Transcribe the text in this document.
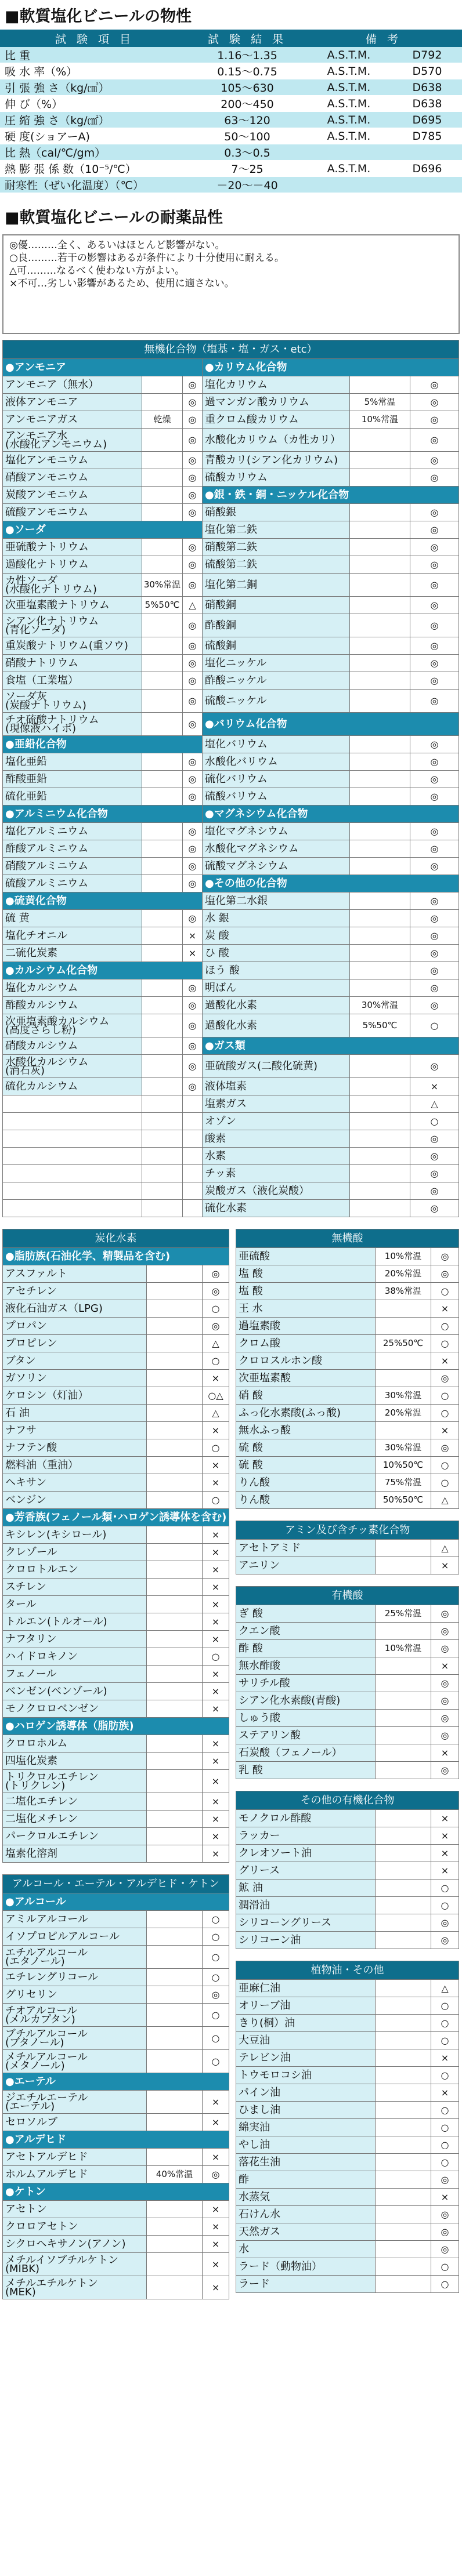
■軟質塩化ビニールの物性
試 験 項 目	試 験 結 果	備 考	
比 重	1.16～1.35	A.S.T.M.	D792
吸 水 率（%）	0.15～0.75	A.S.T.M.	D570
引 張 強 さ（kg/㎠）	105～630	A.S.T.M.	D638
伸 び（%）	200～450	A.S.T.M.	D638
圧 縮 強 さ（kg/㎠）	63～120	A.S.T.M.	D695
硬 度(ショアーA)	50～100	A.S.T.M.	D785
比 熱（cal/℃/gm）	0.3～0.5		
熱 膨 張 係 数（10⁻⁵/℃）	7～25	A.S.T.M.	D696
耐寒性（ぜい化温度）（℃）	－20～－40		
■軟質塩化ビニールの耐薬品性
◎優………全く、あるいはほとんど影響がない。
○良………若干の影響はあるが条件により十分使用に耐える。
△可………なるべく使わない方がよい。
×不可…劣しい影響があるため、使用に適さない。
無機化合物（塩基・塩・ガス・etc）					
●アンモニア			●カリウム化合物		
アンモニア（無水）		◎	塩化カリウム		◎
液体アンモニア		◎	過マンガン酸カリウム	5%常温	◎
アンモニアガス	乾燥	◎	重クロム酸カリウム	10%常温	◎
アンモニア水
(水酸化アンモニウム)		◎	水酸化カリウム（カ性カリ）		◎
塩化アンモニウム		◎	青酸カリ(シアン化カリウム)		◎
硝酸アンモニウム		◎	硫酸カリウム		◎
炭酸アンモニウム		◎	●銀・鉄・銅・ニッケル化合物		
硫酸アンモニウム		◎	硝酸銀		◎
●ソーダ			塩化第二鉄		◎
亜硫酸ナトリウム		◎	硝酸第二鉄		◎
過酸化ナトリウム		◎	硫酸第二鉄		◎
カ性ソーダ
(水酸化ナトリウム)	30%常温	◎	塩化第二銅		◎
次亜塩素酸ナトリウム	5%50℃	△	硝酸銅		◎
シアン化ナトリウム
(青化ソーダ)		◎	酢酸銅		◎
重炭酸ナトリウム(重ソウ)		◎	硫酸銅		◎
硝酸ナトリウム		◎	塩化ニッケル		◎
食塩（工業塩）		◎	酢酸ニッケル		◎
ソーダ灰
(炭酸ナトリウム)		◎	硫酸ニッケル		◎
チオ硫酸ナトリウム
(現像液ハイポ)		◎	●バリウム化合物		
●亜鉛化合物			塩化バリウム		◎
塩化亜鉛		◎	水酸化バリウム		◎
酢酸亜鉛		◎	硫化バリウム		◎
硫化亜鉛		◎	硫酸バリウム		◎
●アルミニウム化合物			●マグネシウム化合物		
塩化アルミニウム		◎	塩化マグネシウム		◎
酢酸アルミニウム		◎	水酸化マグネシウム		◎
硝酸アルミニウム		◎	硫酸マグネシウム		◎
硫酸アルミニウム		◎	●その他の化合物		
●硫黄化合物			塩化第二水銀		◎
硫 黄		◎	水 銀		◎
塩化チオニル		×	炭 酸		◎
二硫化炭素		×	ひ 酸		◎
●カルシウム化合物			ほう 酸		◎
塩化カルシウム		◎	明ばん		◎
酢酸カルシウム		◎	過酸化水素	30%常温	◎
次亜塩素酸カルシウム
(高度さらし粉)		◎	過酸化水素	5%50℃	○
硝酸カルシウム		◎	●ガス類		
水酸化カルシウム
(消石灰)		◎	亜硫酸ガス(二酸化硫黄)		◎
硫化カルシウム		◎	液体塩素		×
			塩素ガス		△
			オゾン		○
			酸素		◎
			水素		◎
			チッ素		◎
			炭酸ガス（液化炭酸）		◎
			硫化水素		◎
炭化水素		
●脂肪族(石油化学、精製品を含む)		
アスファルト		◎
アセチレン		◎
液化石油ガス（LPG)		○
プロパン		◎
プロピレン		△
ブタン		○
ガソリン		×
ケロシン（灯油）		○△
石 油		△
ナフサ		×
ナフテン酸		○
燃料油（重油）		×
ヘキサン		×
ベンジン		○
●芳香族(フェノール類･ハロゲン誘導体を含む)		
キシレン(キシロール)		×
クレゾール		×
クロロトルエン		×
スチレン		×
タール		×
トルエン(トルオール)		×
ナフタリン		×
ハイドロキノン		○
フェノール		×
ベンゼン(ベンゾール)		×
モノクロロベンゼン		×
●ハロゲン誘導体（脂肪族)		
クロロホルム		×
四塩化炭素		×
トリクロルエチレン
(トリクレン)		×
二塩化エチレン		×
二塩化メチレン		×
パークロルエチレン		×
塩素化溶剤		×
アルコール・エーテル・アルデヒド・ケトン		
●アルコール		
アミルアルコール		○
イソプロピルアルコール		○
エチルアルコール
(エタノール)		○
エチレングリコール		○
グリセリン		◎
チオアルコール
(メルカプタン)		○
ブチルアルコール
(ブタノール)		○
メチルアルコール
(メタノール)		○
●エーテル		
ジエチルエーテル
(エーテル)		×
セロソルブ		×
●アルデヒド		
アセトアルデヒド		×
ホルムアルデヒド	40%常温	◎
●ケトン		
アセトン		×
クロロアセトン		×
シクロヘキサノン(アノン)		×
メチルイソブチルケトン
(MIBK)		×
メチルエチルケトン
(MEK)		×
無機酸		
亜硫酸	10%常温	◎
塩 酸	20%常温	◎
塩 酸	38%常温	○
王 水		×
過塩素酸		○
クロム酸	25%50℃	○
クロロスルホン酸		×
次亜塩素酸		◎
硝 酸	30%常温	○
ふっ化水素酸(ふっ酸)	20%常温	○
無水ふっ酸		×
硫 酸	30%常温	◎
硫 酸	10%50℃	○
りん酸	75%常温	○
りん酸	50%50℃	△
アミン及び含チッ素化合物		
アセトアミド		△
アニリン		×
有機酸		
ぎ 酸	25%常温	◎
クエン酸		◎
酢 酸	10%常温	◎
無水酢酸		×
サリチル酸		◎
シアン化水素酸(青酸)		◎
しゅう酸		◎
ステアリン酸		◎
石炭酸（フェノール）		×
乳 酸		◎
その他の有機化合物		
モノクロル酢酸		×
ラッカー		×
クレオソート油		×
グリース		×
鉱 油		○
潤滑油		○
シリコーングリース		◎
シリコーン油		◎
植物油・その他		
亜麻仁油		△
オリーブ油		○
きり(桐）油		○
大豆油		○
テレビン油		×
トウモロコシ油		○
パイン油		×
ひまし油		○
綿実油		○
やし油		○
落花生油		○
酢		◎
水蒸気		×
石けん水		◎
天然ガス		◎
水		◎
ラード（動物油）		○
ラード		○
